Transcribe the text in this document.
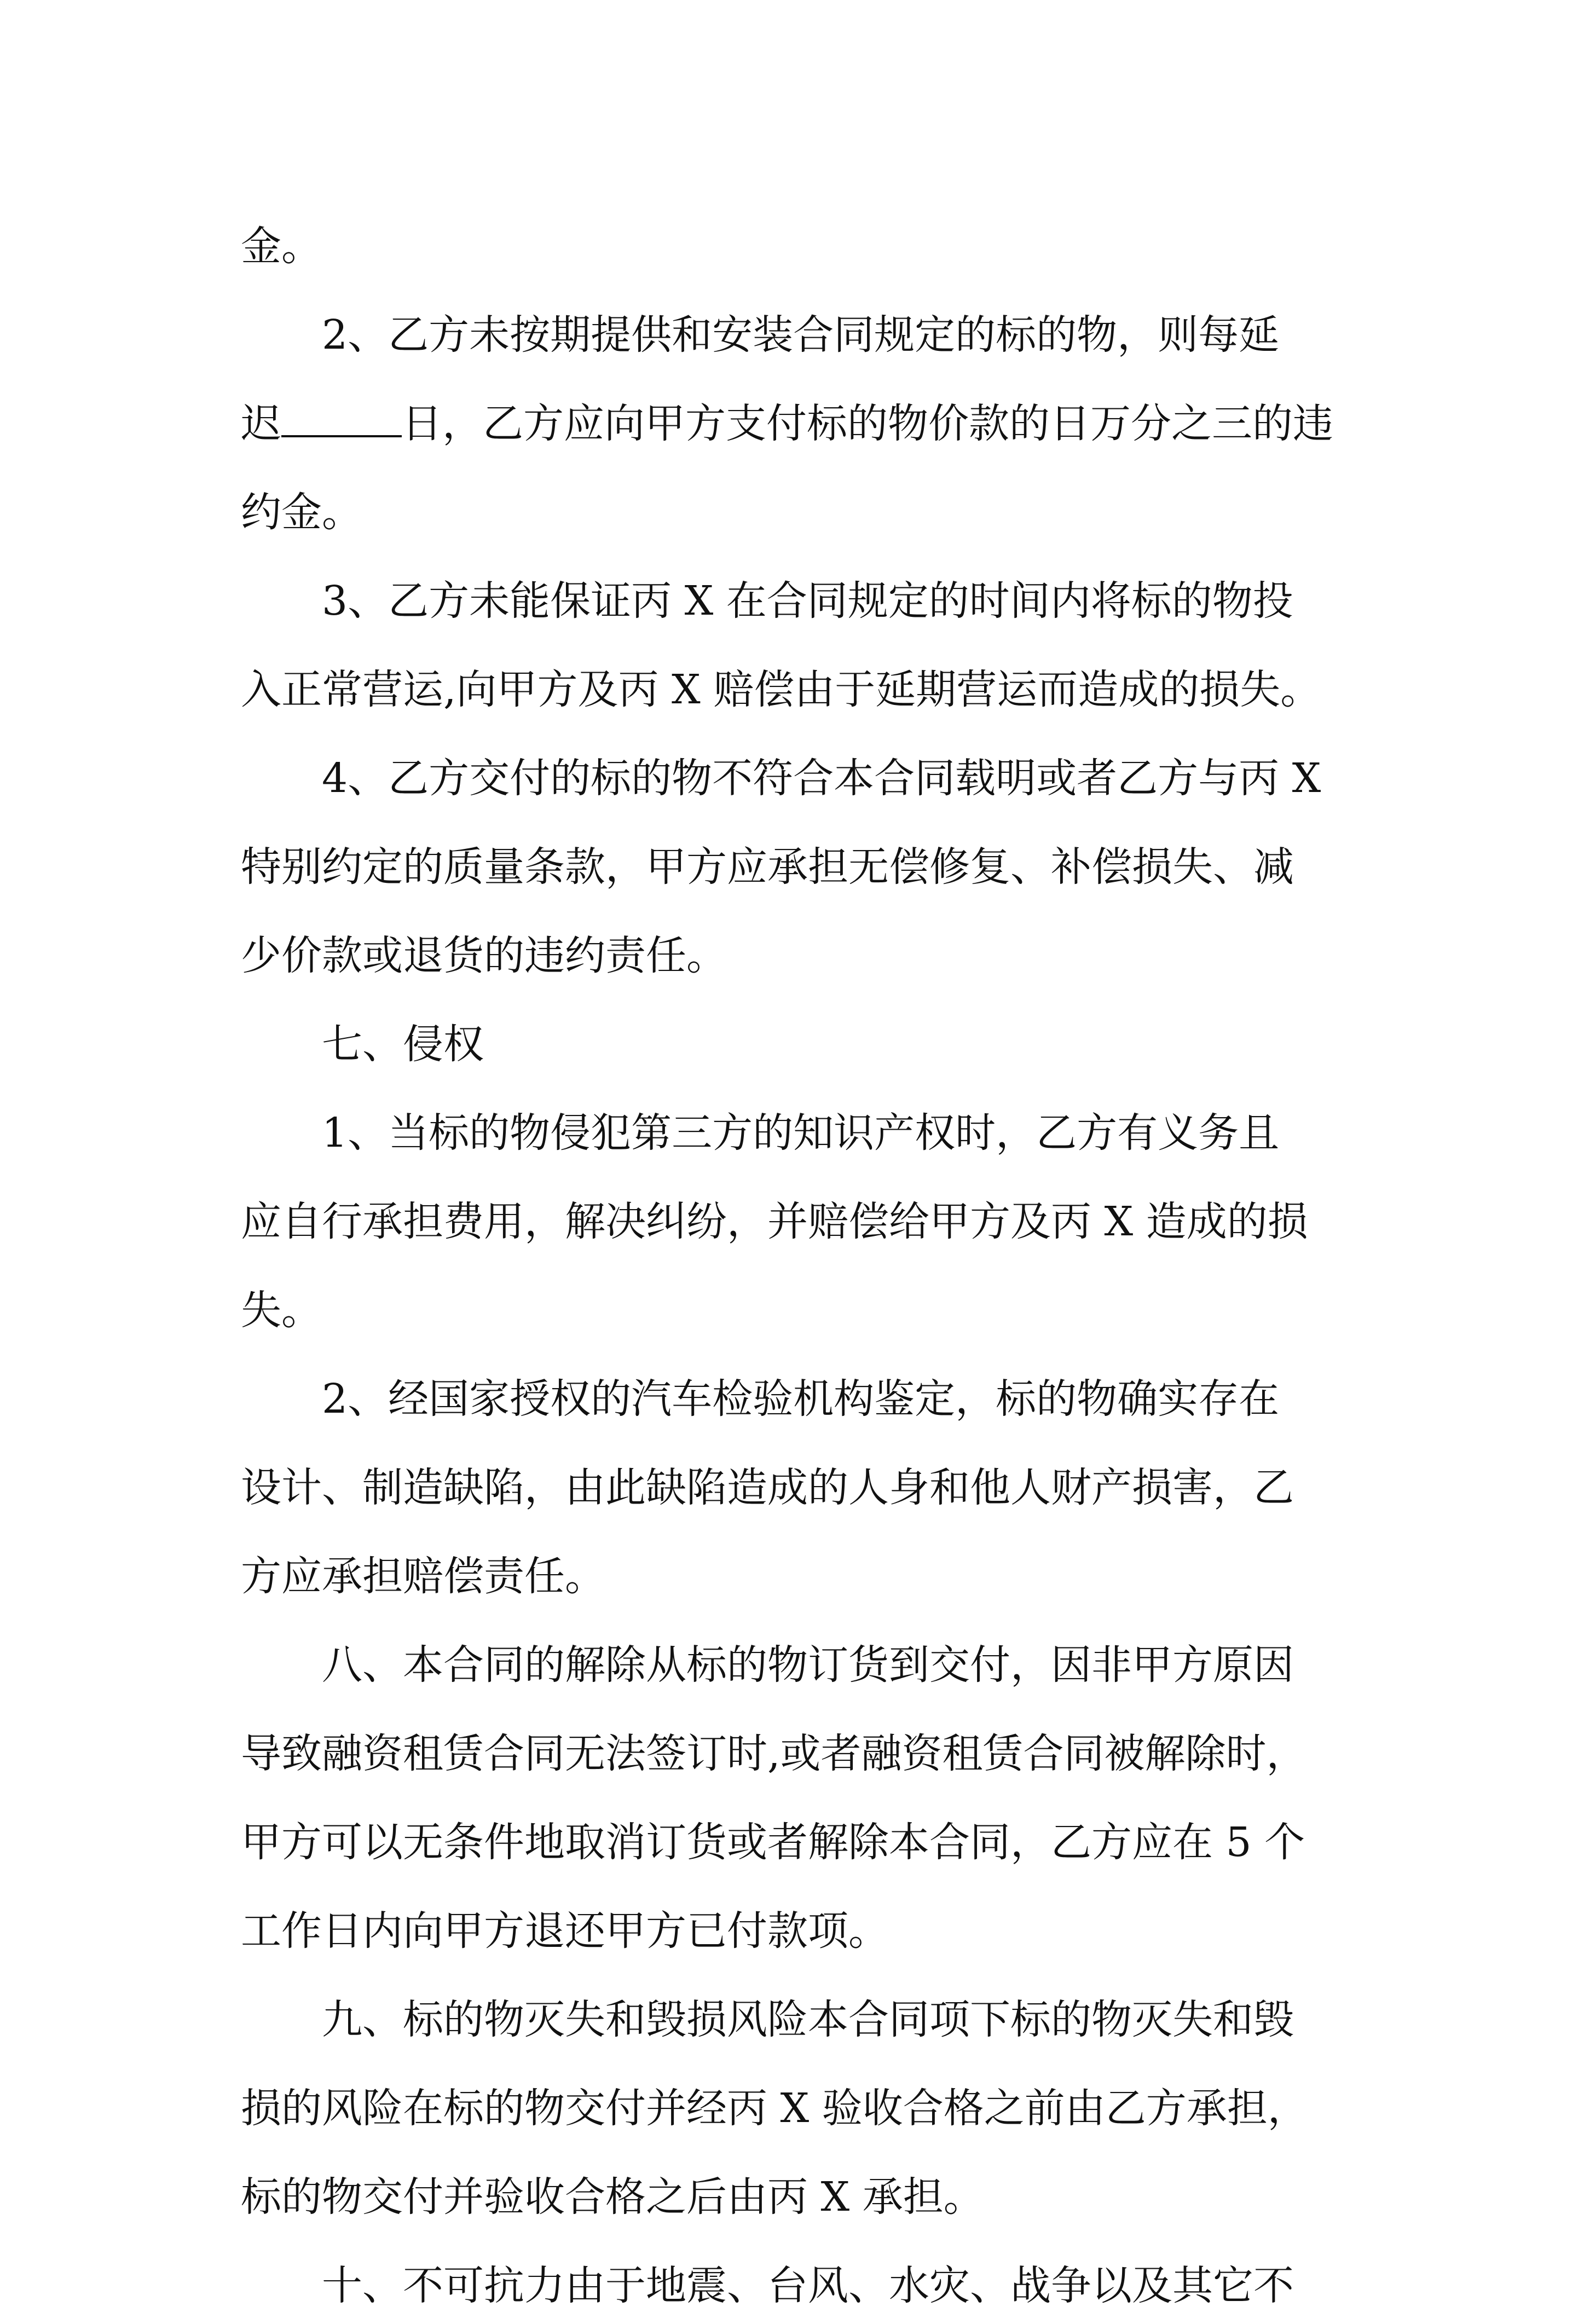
金。
2、乙方未按期提供和安装合同规定的标的物，则每延
迟	日，乙方应向甲方支付标的物价款的日万分之三的违
约金。
3、乙方未能保证丙 X 在合同规定的时间内将标的物投
入正常营运,向甲方及丙 X 赔偿由于延期营运而造成的损失。
4、乙方交付的标的物不符合本合同载明或者乙方与丙 X
特别约定的质量条款，甲方应承担无偿修复、补偿损失、减
少价款或退货的违约责任。
七、侵权
1、当标的物侵犯第三方的知识产权时，乙方有义务且
应自行承担费用，解决纠纷，并赔偿给甲方及丙 X 造成的损
失。
2、经国家授权的汽车检验机构鉴定，标的物确实存在
设计、制造缺陷，由此缺陷造成的人身和他人财产损害，乙
方应承担赔偿责任。
八、本合同的解除从标的物订货到交付，因非甲方原因
导致融资租赁合同无法签订时,或者融资租赁合同被解除时，
甲方可以无条件地取消订货或者解除本合同，乙方应在 5 个
工作日内向甲方退还甲方已付款项。
九、标的物灭失和毁损风险本合同项下标的物灭失和毁
损的风险在标的物交付并经丙 X 验收合格之前由乙方承担，
标的物交付并验收合格之后由丙 X 承担。
十、不可抗力由于地震、台风、水灾、战争以及其它不
